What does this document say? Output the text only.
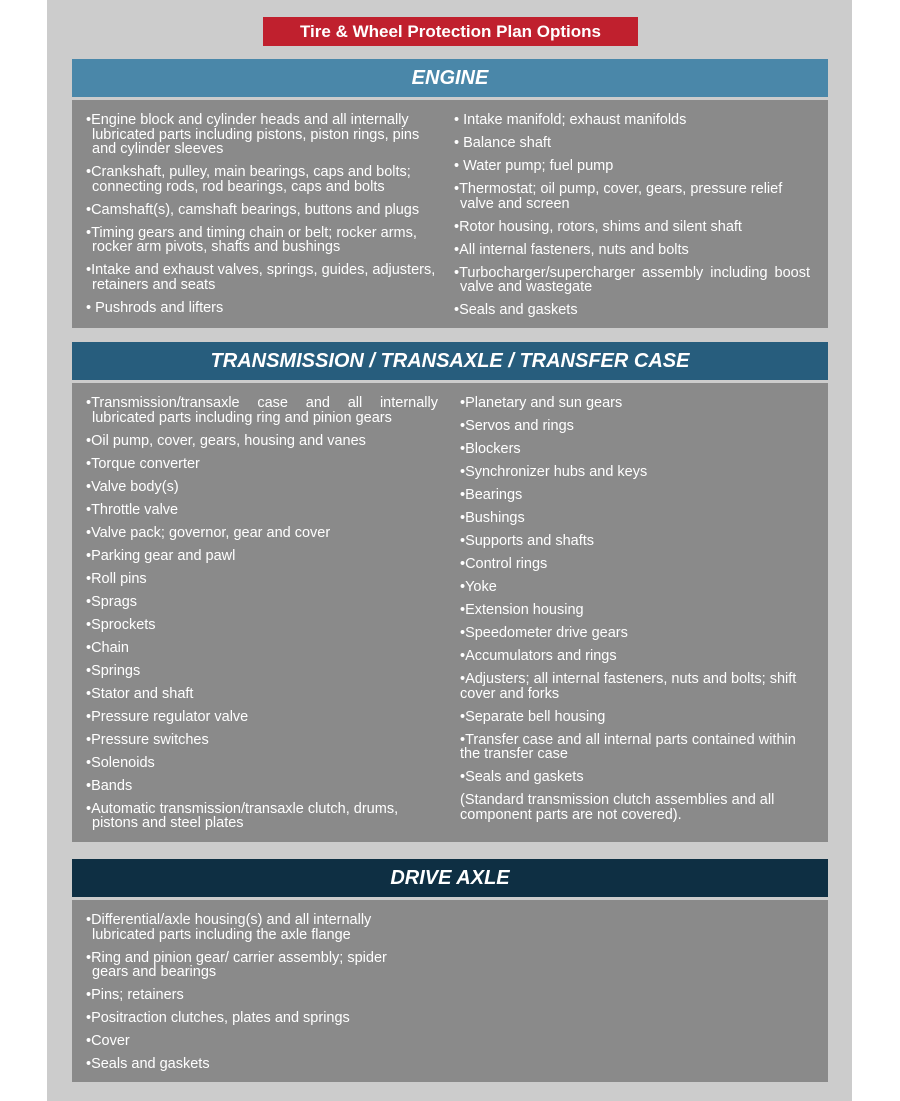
Tire & Wheel Protection Plan Options
ENGINE
•Engine block and cylinder heads and all internally lubricated parts including pistons, piston rings, pins and cylinder sleeves
•Crankshaft, pulley, main bearings, caps and bolts; connecting rods, rod bearings, caps and bolts
•Camshaft(s), camshaft bearings, buttons and plugs
•Timing gears and timing chain or belt; rocker arms, rocker arm pivots, shafts and bushings
•Intake and exhaust valves, springs, guides, adjusters, retainers and seats
• Pushrods and lifters
• Intake manifold; exhaust manifolds
• Balance shaft
• Water pump; fuel pump
•Thermostat; oil pump, cover, gears, pressure relief valve and screen
•Rotor housing, rotors, shims and silent shaft
•All internal fasteners, nuts and bolts
•Turbocharger/supercharger assembly including boost valve and wastegate
•Seals and gaskets
TRANSMISSION / TRANSAXLE / TRANSFER CASE
•Transmission/transaxle case and all internally lubricated parts including ring and pinion gears
•Oil pump, cover, gears, housing and vanes
•Torque converter
•Valve body(s)
•Throttle valve
•Valve pack; governor, gear and cover
•Parking gear and pawl
•Roll pins
•Sprags
•Sprockets
•Chain
•Springs
•Stator and shaft
•Pressure regulator valve
•Pressure switches
•Solenoids
•Bands
•Automatic transmission/transaxle clutch, drums, pistons and steel plates
•Planetary and sun gears
•Servos and rings
•Blockers
•Synchronizer hubs and keys
•Bearings
•Bushings
•Supports and shafts
•Control rings
•Yoke
•Extension housing
•Speedometer drive gears
•Accumulators and rings
•Adjusters; all internal fasteners, nuts and bolts; shift cover and forks
•Separate bell housing
•Transfer case and all internal parts contained within the transfer case
•Seals and gaskets
(Standard transmission clutch assemblies and all component parts are not covered).
DRIVE AXLE
•Differential/axle housing(s) and all internally lubricated parts including the axle flange
•Ring and pinion gear/ carrier assembly; spider gears and bearings
•Pins; retainers
•Positraction clutches, plates and springs
•Cover
•Seals and gaskets
